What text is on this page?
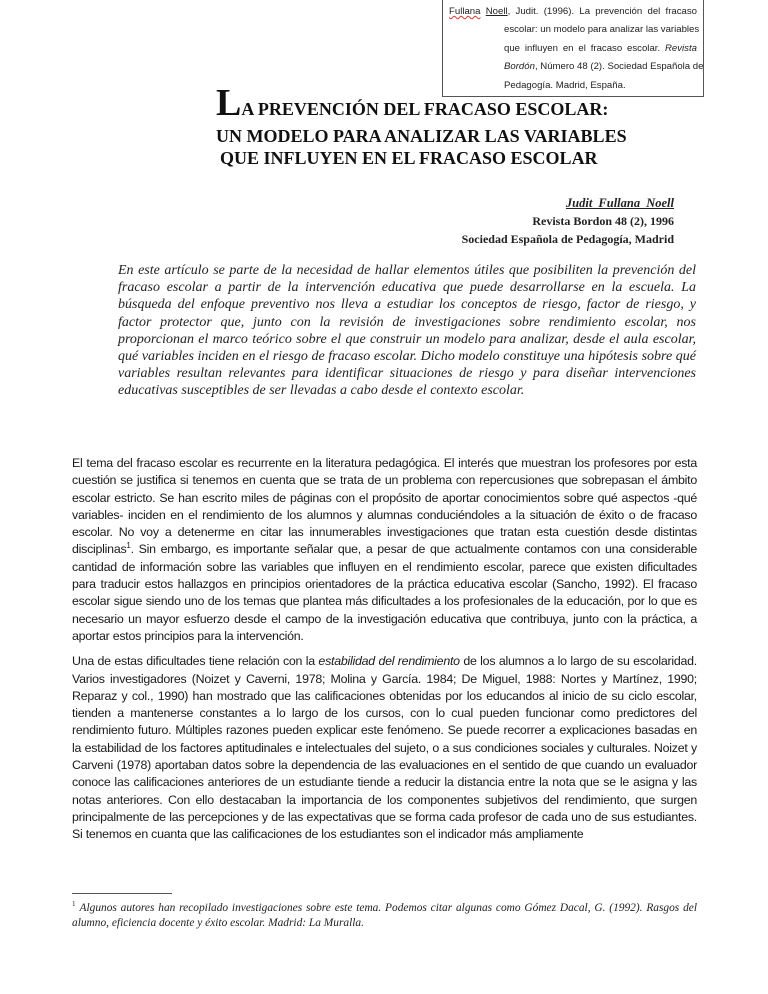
Fullana Noell, Judit. (1996). La prevención del fracaso
escolar: un modelo para analizar las variables
que influyen en el fracaso escolar. Revista
Bordón, Número 48 (2). Sociedad Española de
Pedagogía. Madrid, España.
LA PREVENCIÓN DEL FRACASO ESCOLAR:
UN MODELO PARA ANALIZAR LAS VARIABLES
QUE INFLUYEN EN EL FRACASO ESCOLAR
Judit Fullana Noell
Revista Bordon 48 (2), 1996
Sociedad Española de Pedagogía, Madrid

En este artículo se parte de la necesidad de hallar elementos útiles que posibiliten la prevención del fracaso escolar a partir de la intervención educativa que puede desarrollarse en la escuela. La búsqueda del enfoque preventivo nos lleva a estudiar los conceptos de riesgo, factor de riesgo, y factor protector que, junto con la revisión de investigaciones sobre rendimiento escolar, nos proporcionan el marco teórico sobre el que construir un modelo para analizar, desde el aula escolar, qué variables inciden en el riesgo de fracaso escolar. Dicho modelo constituye una hipótesis sobre qué variables resultan relevantes para identificar situaciones de riesgo y para diseñar intervenciones educativas susceptibles de ser llevadas a cabo desde el contexto escolar.

El tema del fracaso escolar es recurrente en la literatura pedagógica. El interés que muestran los profesores por esta cuestión se justifica si tenemos en cuenta que se trata de un problema con repercusiones que sobrepasan el ámbito escolar estricto. Se han escrito miles de páginas con el propósito de aportar conocimientos sobre qué aspectos -qué variables- inciden en el rendimiento de los alumnos y alumnas conduciéndoles a la situación de éxito o de fracaso escolar. No voy a detenerme en citar las innumerables investigaciones que tratan esta cuestión desde distintas disciplinas$^1$. Sin embargo, es importante señalar que, a pesar de que actualmente contamos con una considerable cantidad de información sobre las variables que influyen en el rendimiento escolar, parece que existen dificultades para traducir estos hallazgos en principios orientadores de la práctica educativa escolar (Sancho, 1992). El fracaso escolar sigue siendo uno de los temas que plantea más dificultades a los profesionales de la educación, por lo que es necesario un mayor esfuerzo desde el campo de la investigación educativa que contribuya, junto con la práctica, a aportar estos principios para la intervención.

Una de estas dificultades tiene relación con la estabilidad del rendimiento de los alumnos a lo largo de su escolaridad. Varios investigadores (Noizet y Caverni, 1978; Molina y García. 1984; De Miguel, 1988: Nortes y Martínez, 1990; Reparaz y col., 1990) han mostrado que las calificaciones obtenidas por los educandos al inicio de su ciclo escolar, tienden a mantenerse constantes a lo largo de los cursos, con lo cual pueden funcionar como predictores del rendimiento futuro. Múltiples razones pueden explicar este fenómeno. Se puede recorrer a explicaciones basadas en la estabilidad de los factores aptitudinales e intelectuales del sujeto, o a sus condiciones sociales y culturales. Noizet y Carveni (1978) aportaban datos sobre la dependencia de las evaluaciones en el sentido de que cuando un evaluador conoce las calificaciones anteriores de un estudiante tiende a reducir la distancia entre la nota que se le asigna y las notas anteriores. Con ello destacaban la importancia de los componentes subjetivos del rendimiento, que surgen principalmente de las percepciones y de las expectativas que se forma cada profesor de cada uno de sus estudiantes. Si tenemos en cuanta que las calificaciones de los estudiantes son el indicador más ampliamente

$^1$ Algunos autores han recopilado investigaciones sobre este tema. Podemos citar algunas como Gómez Dacal, G. (1992). Rasgos del alumno, eficiencia docente y éxito escolar. Madrid: La Muralla.
